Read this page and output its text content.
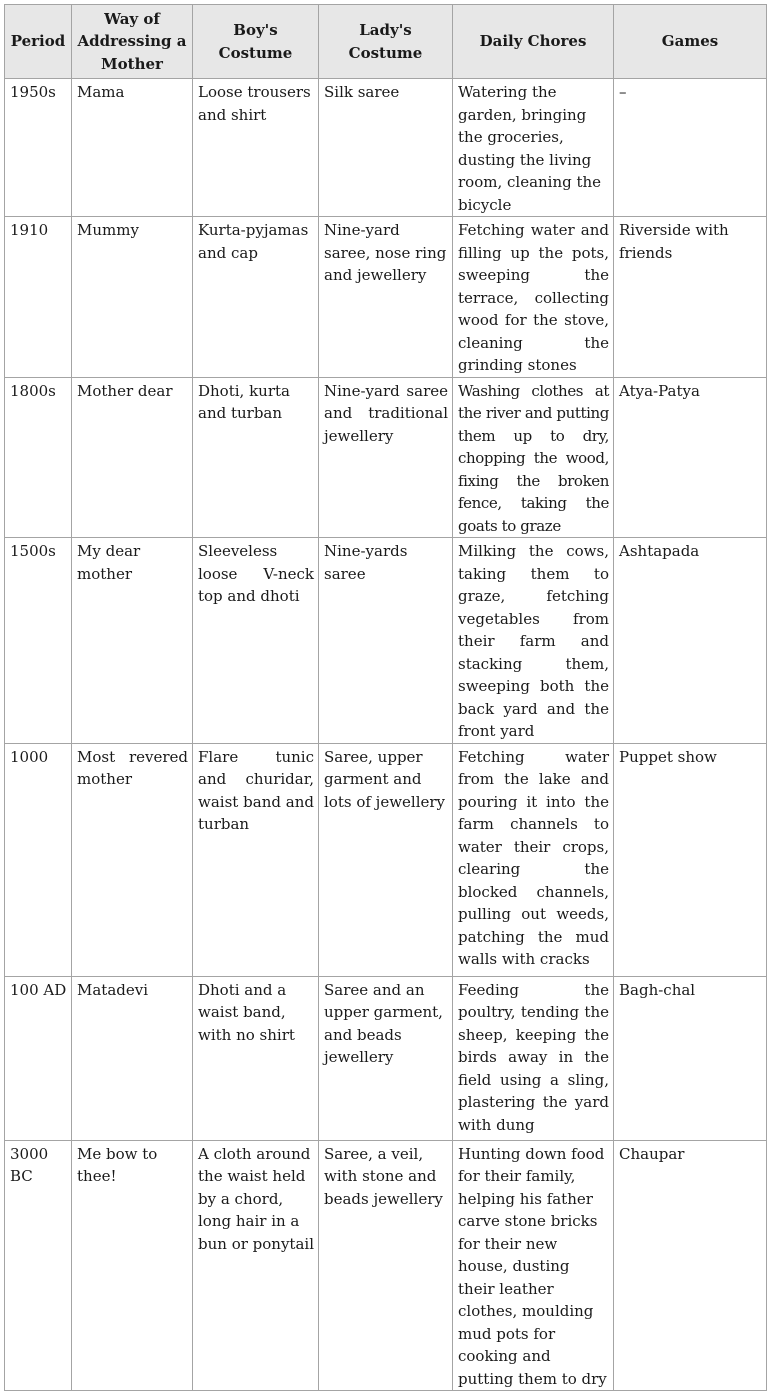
Period	Way of Addressing a Mother	Boy's Costume	Lady's Costume	Daily Chores	Games
1950s	Mama	Loose trousers and shirt	Silk saree	Watering the garden, bringing the groceries, dusting the living room, cleaning the bicycle	–
1910	Mummy	Kurta-pyjamas and cap	Nine-yard saree, nose ring and jewellery	Fetching water and filling up the pots, sweeping the terrace, collecting wood for the stove, cleaning the grinding stones	Riverside with friends
1800s	Mother dear	Dhoti, kurta and turban	Nine-yard saree and traditional jewellery	Washing clothes at the river and putting them up to dry, chopping the wood, fixing the broken fence, taking the goats to graze	Atya-Patya
1500s	My dear mother	Sleeveless loose V-neck top and dhoti	Nine-yards saree	Milking the cows, taking them to graze, fetching vegetables from their farm and stacking them, sweeping both the back yard and the front yard	Ashtapada
1000	Most revered mother	Flare tunic and churidar, waist band and turban	Saree, upper garment and lots of jewellery	Fetching water from the lake and pouring it into the farm channels to water their crops, clearing the blocked channels, pulling out weeds, patching the mud walls with cracks	Puppet show
100 AD	Matadevi	Dhoti and a waist band, with no shirt	Saree and an upper garment, and beads jewellery	Feeding the poultry, tending the sheep, keeping the birds away in the field using a sling, plastering the yard with dung	Bagh-chal
3000 BC	Me bow to thee!	A cloth around the waist held by a chord, long hair in a bun or ponytail	Saree, a veil, with stone and beads jewellery	Hunting down food for their family, helping his father carve stone bricks for their new house, dusting their leather clothes, moulding mud pots for cooking and putting them to dry	Chaupar
